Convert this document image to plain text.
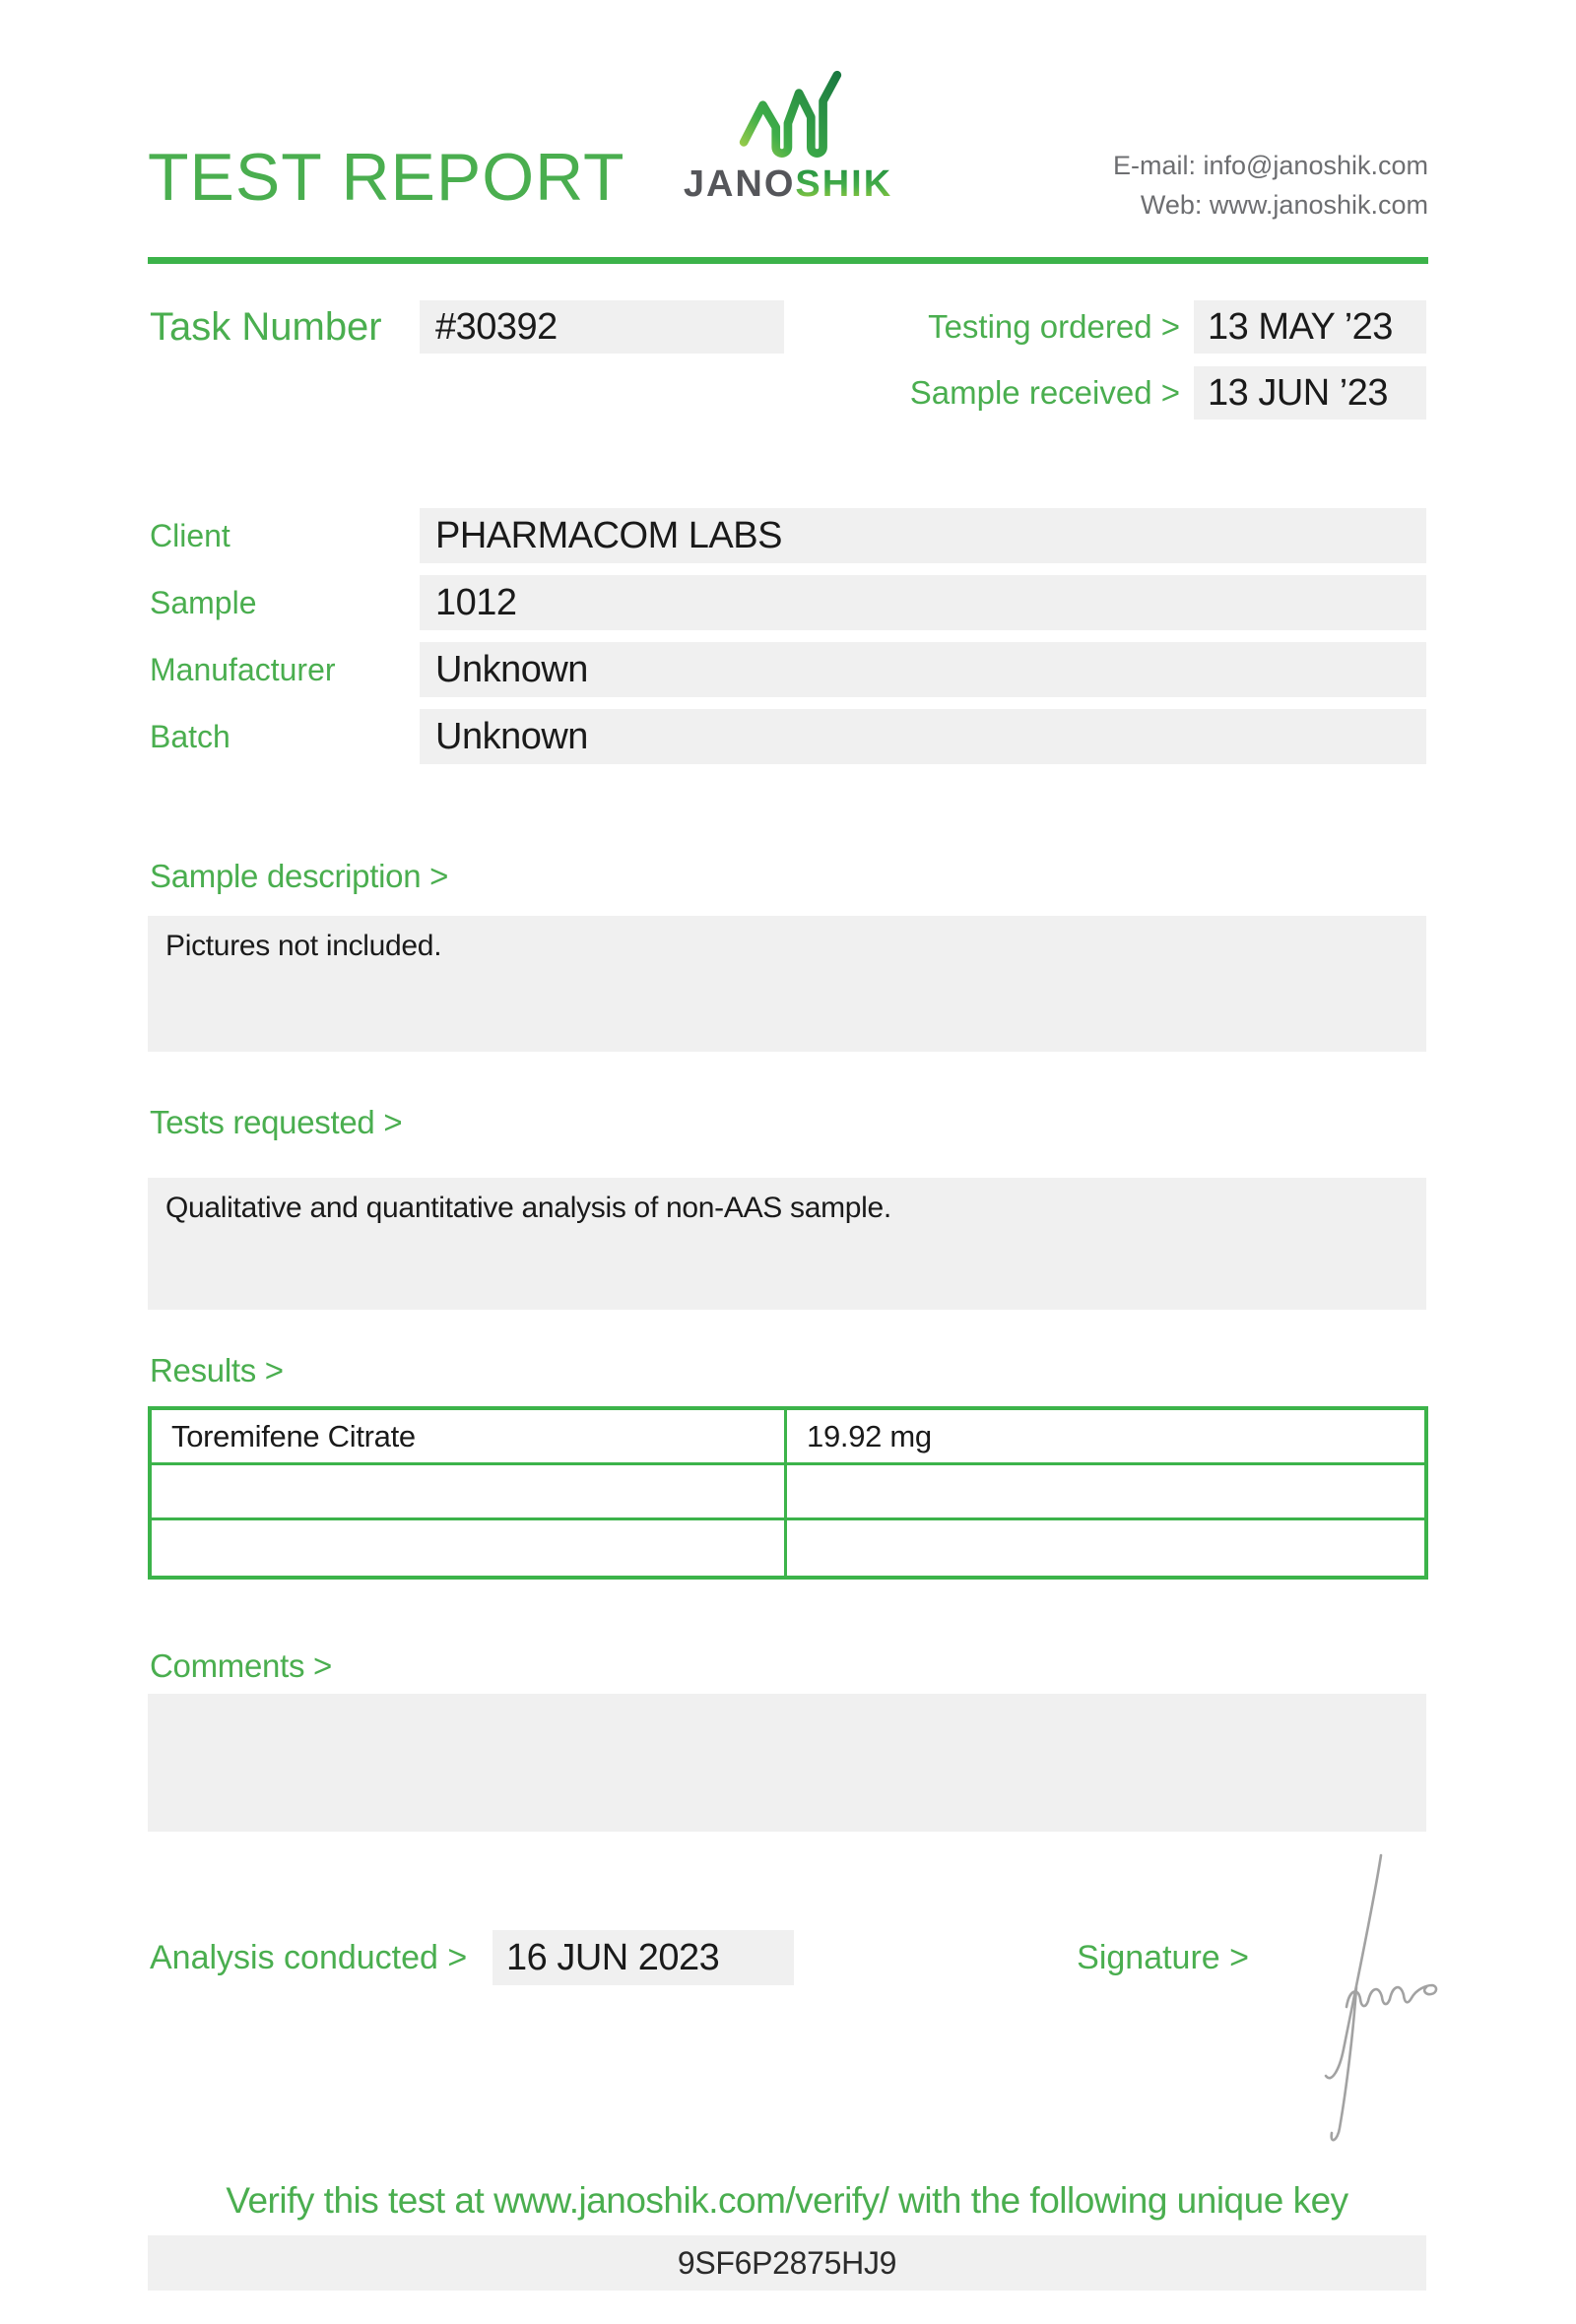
TEST REPORT JANOSHIK	E-mail: info@janoshik.com
Web: www.janoshik.com
Task Number	#30392	Testing ordered > 13 MAY ’23
Sample received > 13 JUN ’23
Client	PHARMACOM LABS
Sample	1012
Manufacturer	Unknown
Batch	Unknown
Sample description >
Pictures not included.
Tests requested >
Qualitative and quantitative analysis of non-AAS sample.
Results >
Toremifene Citrate	19.92 mg
Comments >
Analysis conducted >	16 JUN 2023	Signature >
Verify this test at www.janoshik.com/verify/ with the following unique key
9SF6P2875HJ9
